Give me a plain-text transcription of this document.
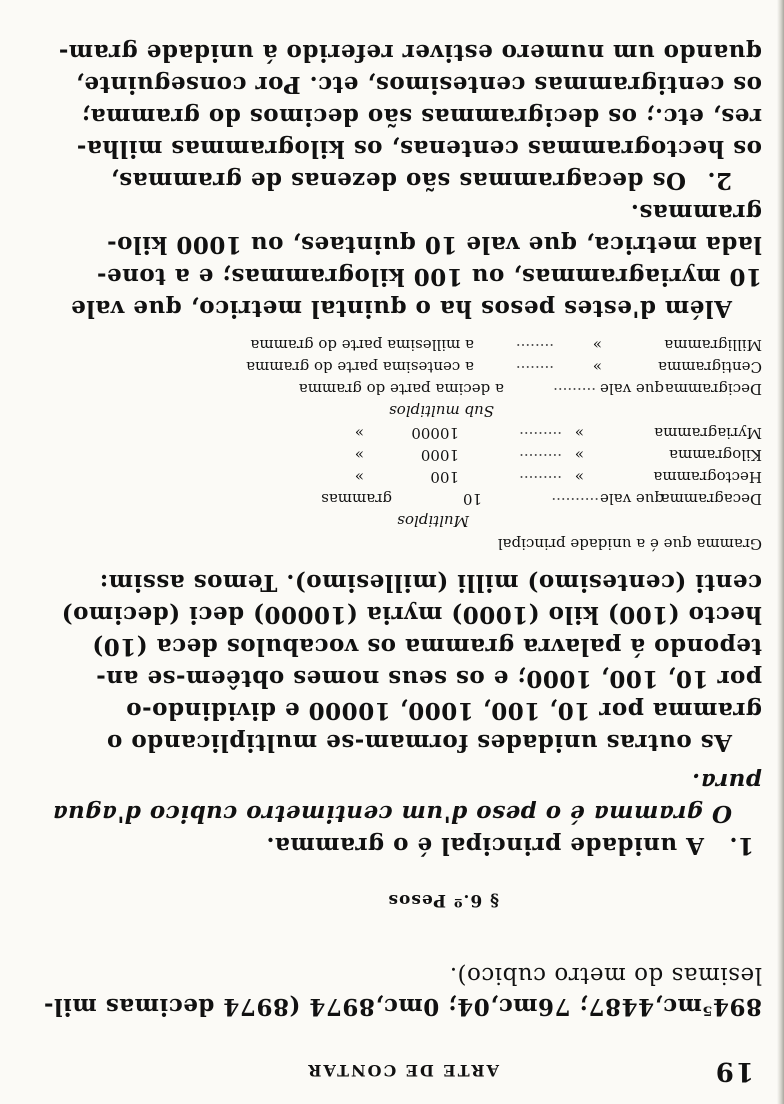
19
ARTE DE CONTAR
894⁵mc,4487; 76mc,04; 0mc,8974 (8974 decimas mil-
lesimas do metro cubico).
§ 6.º Pesos
1.
A unidade principal é o gramma.
O gramma é o peso d'um centimetro cubico d'agua
pura.
As outras unidades formam-se multiplicando o
gramma por 10, 100, 1000, 10000 e dividindo-o
por 10, 100, 1000; e os seus nomes obtêem-se an-
tepondo á palavra gramma os vocabulos deca (10)
hecto (100) kilo (1000) myria (10000) deci (decimo)
centi (centesimo) milli (millesimo). Temos assim:
Gramma que é a unidade principal
Multiplos
Decagramma
que vale
··········
10
grammas
Hectogramma
»
·········
100
»
Kilogramma
»
·········
1000
»
Myriagramma
»
·········
10000
»
Sub multiplos
Decigramma
que vale
·········
a decima parte do gramma
Centigramma
»
········
a centesima parte do gramma
Milligramma
»
········
a millesima parte do gramma
Além d'estes pesos ha o quintal metrico, que vale
10 myriagrammas, ou 100 kilogrammas; e a tone-
lada metrica, que vale 10 quintaes, ou 1000 kilo-
grammas.
2.
Os decagrammas são dezenas de grammas,
os hectogrammas centenas, os kilogrammas milha-
res, etc.; os decigrammas são decimos do gramma;
os centigrammas centesimos, etc. Por conseguinte,
quando um numero estiver referido á unidade gram-
